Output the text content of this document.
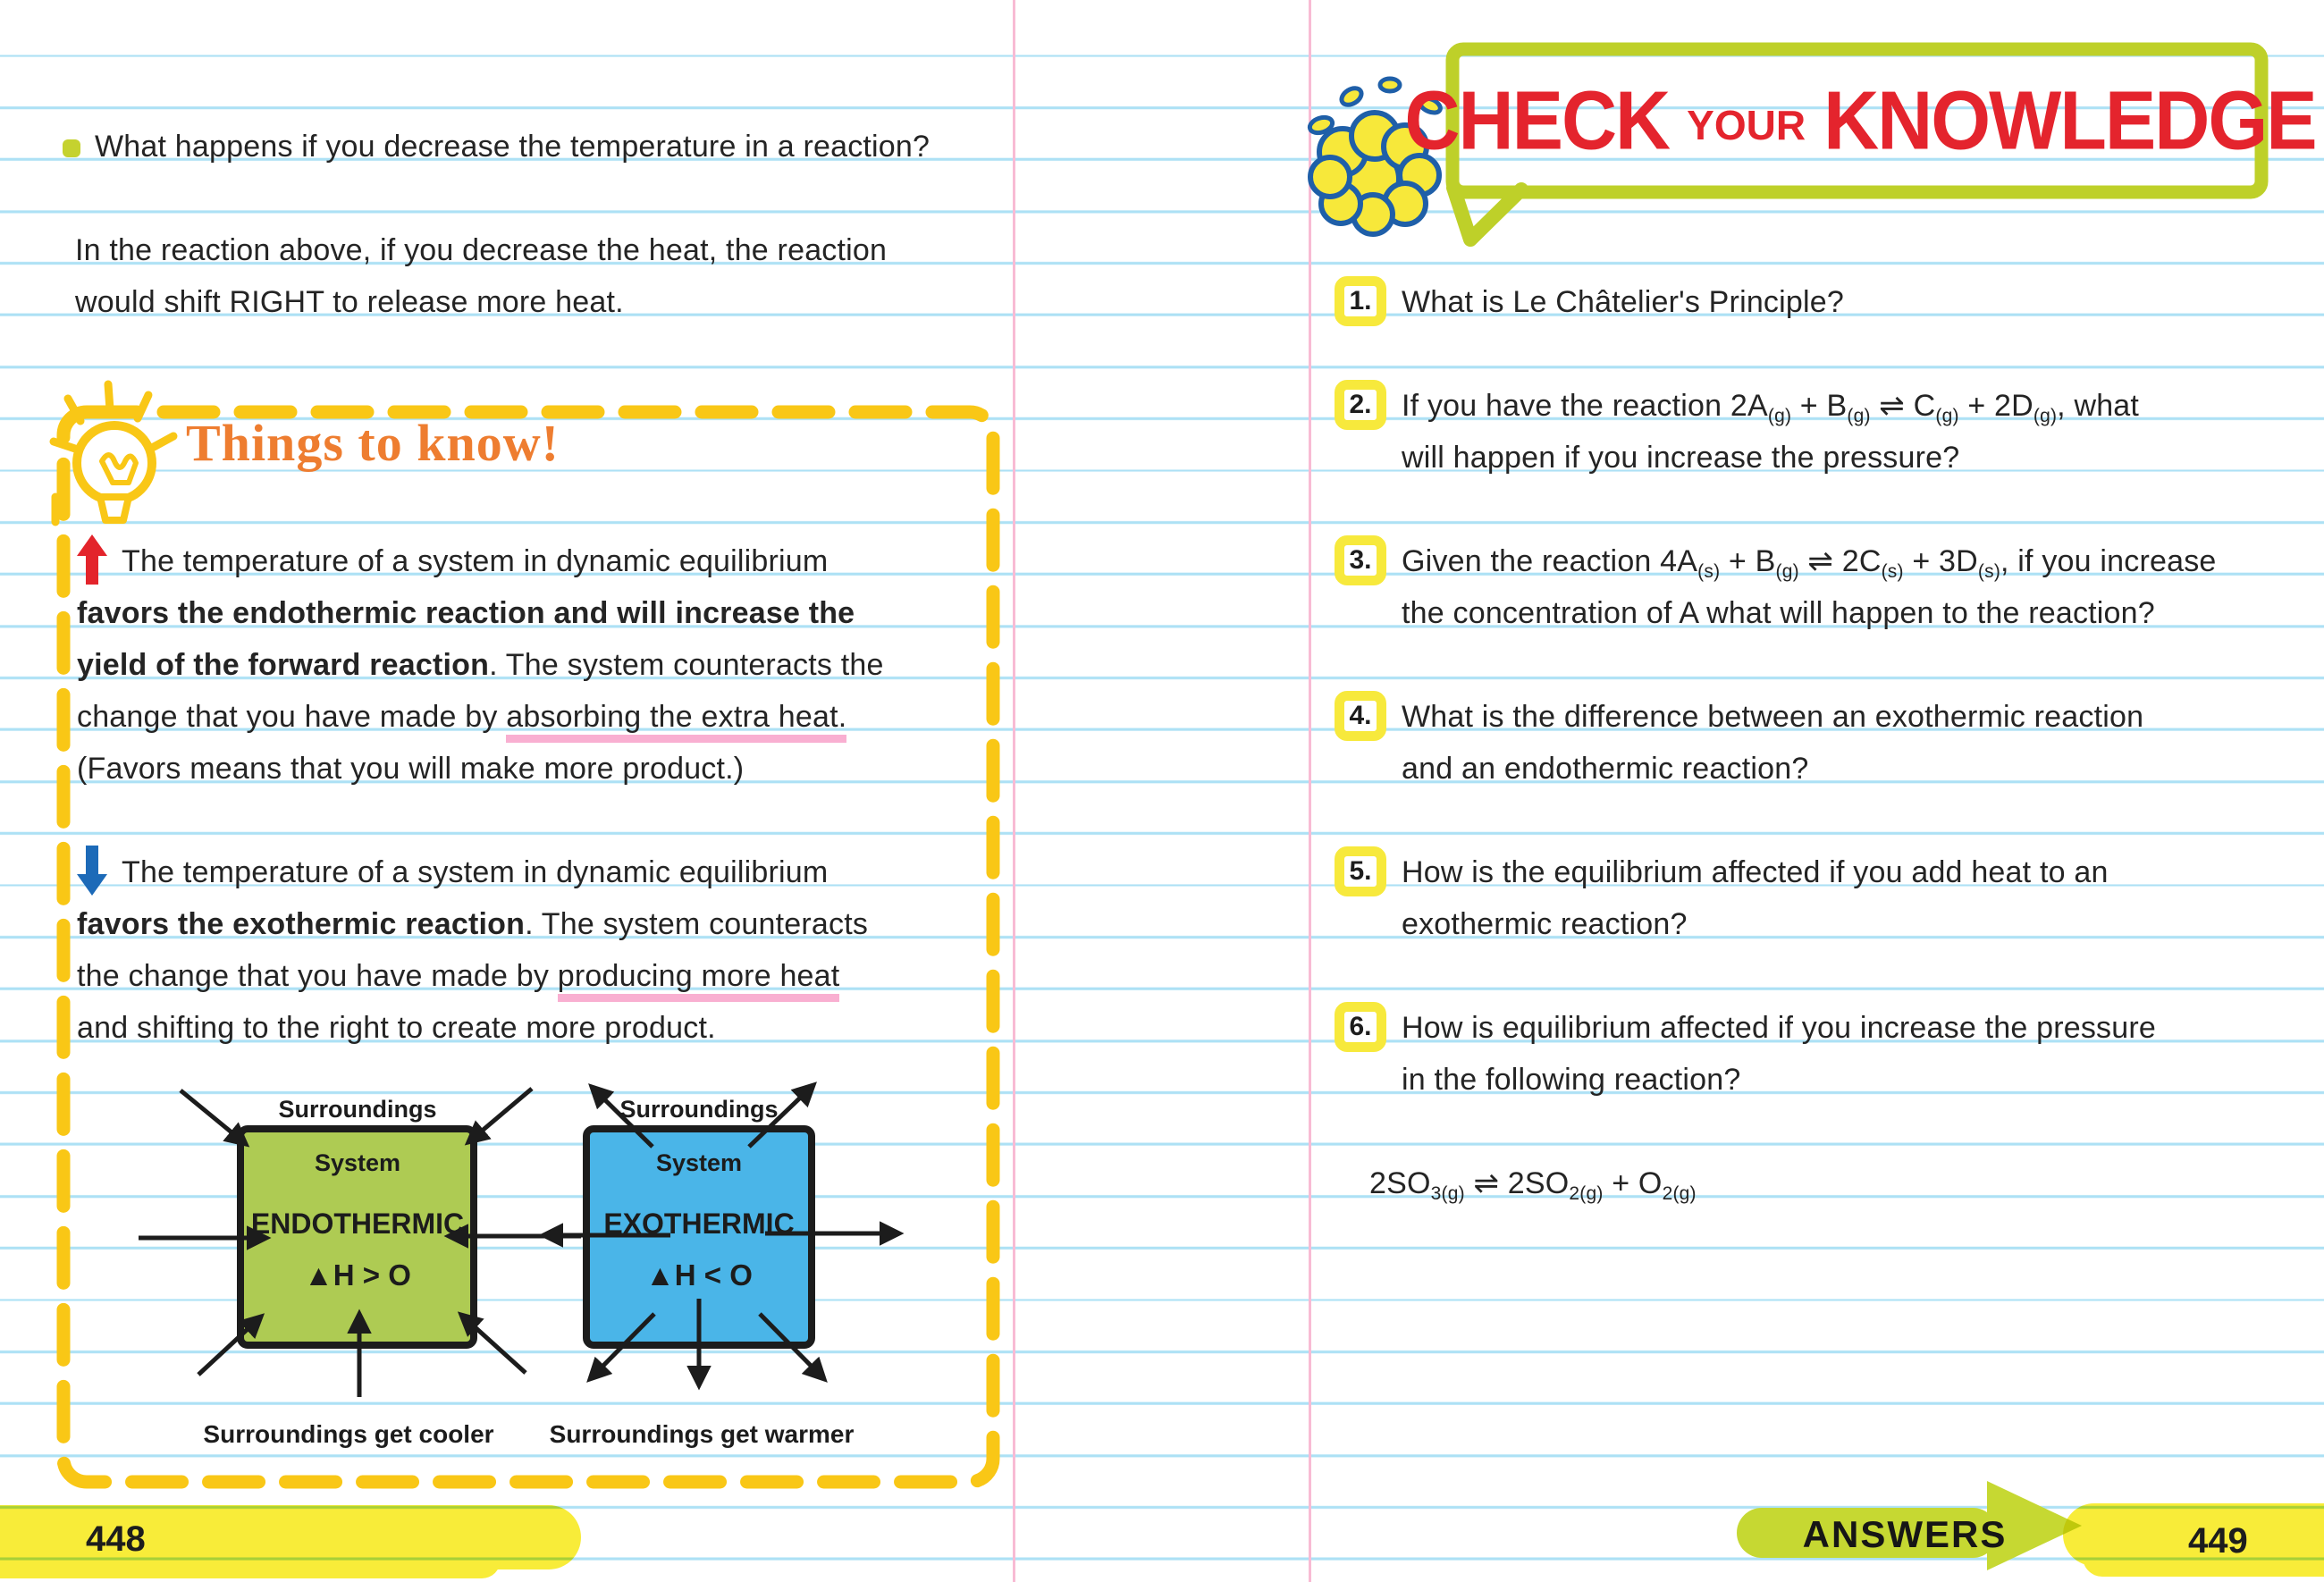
What happens if you decrease the temperature in a reaction?
In the reaction above, if you decrease the heat, the reaction
would shift RIGHT to release more heat.
Things to know!
The temperature of a system in dynamic equilibrium
favors the endothermic reaction and will increase the
yield of the forward reaction. The system counteracts the
change that you have made by absorbing the extra heat.
(Favors means that you will make more product.)
The temperature of a system in dynamic equilibrium
favors the exothermic reaction. The system counteracts
the change that you have made by producing more heat
and shifting to the right to create more product.
Surroundings	Surroundings
System	System
ENDOTHERMIC	EXOTHERMIC
▲H > O	▲H < O
Surroundings get cooler Surroundings get warmer
448
CHECK YOUR KNOWLEDGE
1. What is Le Châtelier's Principle?
2. If you have the reaction $2A_{(g)} + B_{(g)}$ ⇌ $C_{(g)} + 2D_{(g)}$, what
will happen if you increase the pressure?
3. Given the reaction $4A_{(s)} + B_{(g)}$ ⇌ $2C_{(s)} + 3D_{(s)}$, if you increase
the concentration of A what will happen to the reaction?
4. What is the difference between an exothermic reaction
and an endothermic reaction?
5. How is the equilibrium affected if you add heat to an
exothermic reaction?
6. How is equilibrium affected if you increase the pressure
in the following reaction?
$2SO_{3(g)}$ ⇌ $2SO_{2(g)} + O_{2(g)}$
ANSWERS	449
